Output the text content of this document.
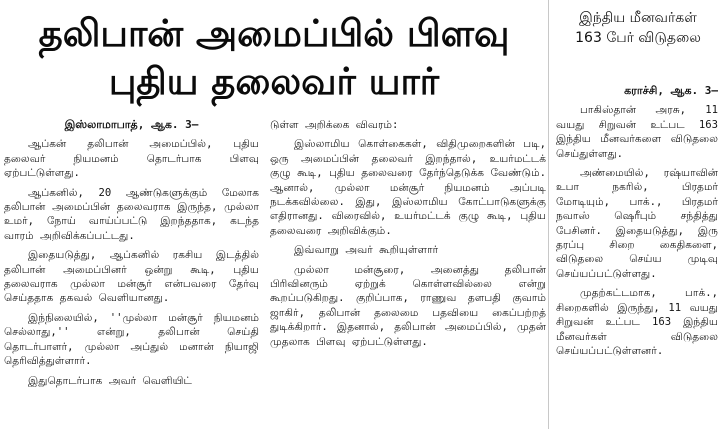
தலிபான் அமைப்பில் பிளவு
புதிய தலைவர் யார்

இஸ்லாமாபாத், ஆக. 3–

ஆப்கன் தலிபான் அமைப்பில், புதிய தலைவர் நியமனம் தொடர்பாக பிளவு ஏற்பட்டுள்ளது.

ஆப்கனில், 20 ஆண்டுகளுக்கும் மேலாக தலிபான் அமைப்பின் தலைவராக இருந்த, முல்லா உமர், நோய் வாய்ப்பட்டு இறந்ததாக, கடந்த வாரம் அறிவிக்கப்பட்டது.

இதையடுத்து, ஆப்கனில் ரகசிய இடத்தில் தலிபான் அமைப்பினர் ஒன்று கூடி, புதிய தலைவராக முல்லா மன்சூர் என்பவரை தேர்வு செய்ததாக தகவல் வெளியானது.

இந்நிலையில், ''முல்லா மன்சூர் நியமனம் செல்லாது,'' என்று, தலிபான் செய்தி தொடர்பாளர், முல்லா அப்துல் மனான் நியாஜி தெரிவித்துள்ளார்.

இதுதொடர்பாக அவர் வெளியிட்

டுள்ள அறிக்கை விவரம்:

இஸ்லாமிய கொள்கைகள், விதிமுறைகளின் படி, ஒரு அமைப்பின் தலைவர் இறந்தால், உயர்மட்டக் குழு கூடி, புதிய தலைவரை தேர்ந்தெடுக்க வேண்டும். ஆனால், முல்லா மன்சூர் நியமனம் அப்படி நடக்கவில்லை. இது, இஸ்லாமிய கோட்பாடுகளுக்கு எதிரானது. விரைவில், உயர்மட்டக் குழு கூடி, புதிய தலைவரை அறிவிக்கும்.

இவ்வாறு அவர் கூறியுள்ளார்

முல்லா மன்சூரை, அனைத்து தலிபான் பிரிவினரும் ஏற்றுக் கொள்ளவில்லை என்று கூறப்படுகிறது. குறிப்பாக, ராணுவ தளபதி குவாம் ஜாகிர், தலிபான் தலைமை பதவியை கைப்பற்றத் துடிக்கிறார். இதனால், தலிபான் அமைப்பில், முதன் முதலாக பிளவு ஏற்பட்டுள்ளது.

இந்திய மீனவர்கள்
163 பேர் விடுதலை

கராச்சி, ஆக. 3–

பாகிஸ்தான் அரசு, 11 வயது சிறுவன் உட்பட 163 இந்திய மீனவர்களை விடுதலை செய்துள்ளது.

அண்மையில், ரஷ்யாவின் உபா நகரில், பிரதமர் மோடியும், பாக்., பிரதமர் நவாஸ் ஷெரீபும் சந்தித்து பேசினர். இதையடுத்து, இரு தரப்பு சிறை கைதிகளை, விடுதலை செய்ய முடிவு செய்யப்பட்டுள்ளது.

முதற்கட்டமாக, பாக்., சிறைகளில் இருந்து, 11 வயது சிறுவன் உட்பட 163 இந்திய மீனவர்கள் விடுதலை செய்யப்பட்டுள்ளனர்.
